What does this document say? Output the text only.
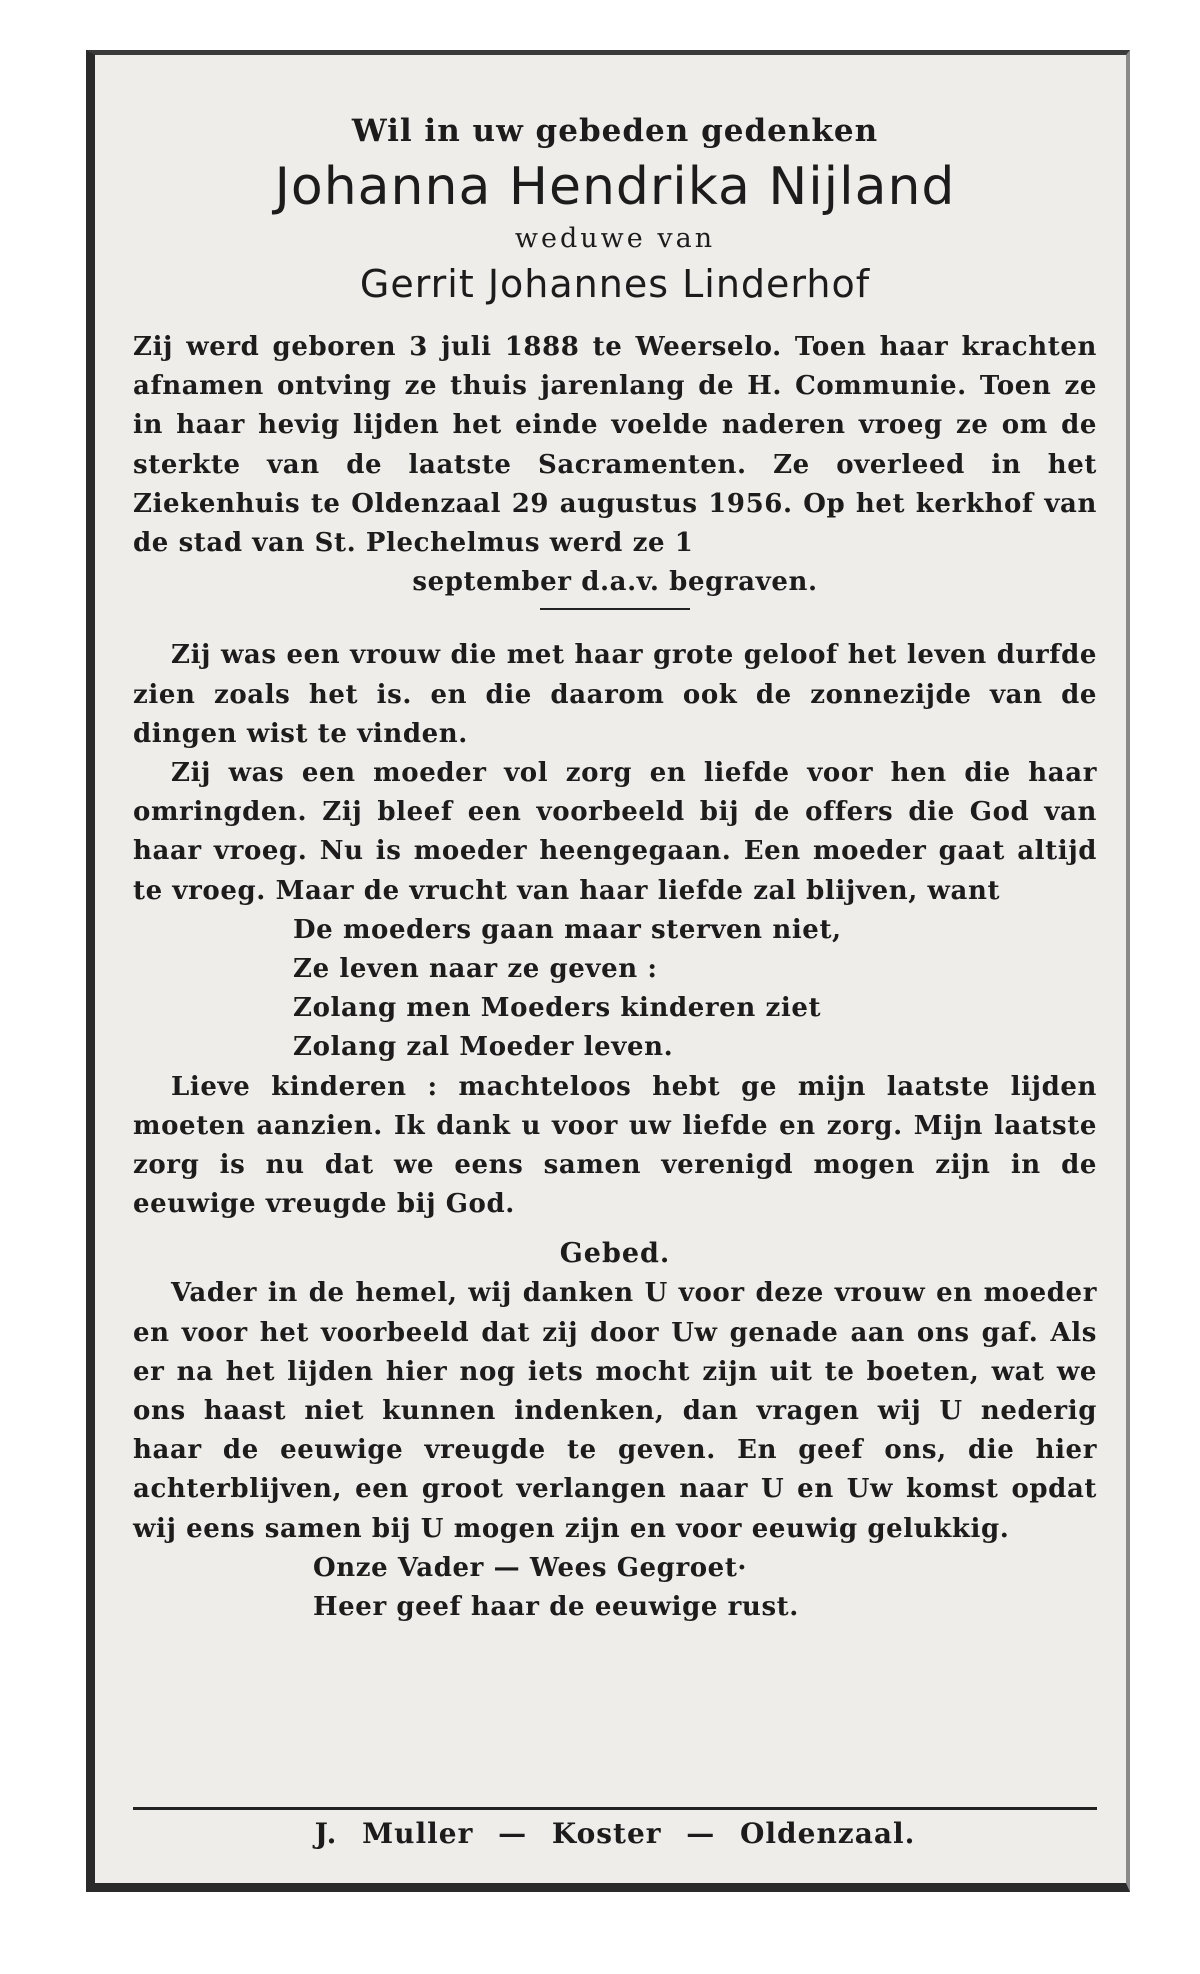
Wil in uw gebeden gedenken
Johanna Hendrika Nijland
weduwe van
Gerrit Johannes Linderhof
Zij werd geboren 3 juli 1888 te Weerselo. Toen haar krachten afnamen ontving ze thuis jarenlang de H. Communie. Toen ze in haar hevig lijden het einde voelde naderen vroeg ze om de sterkte van de laatste Sacramenten. Ze overleed in het Ziekenhuis te Oldenzaal 29 augustus 1956. Op het kerkhof van de stad van St. Plechelmus werd ze 1
september d.a.v. begraven.
Zij was een vrouw die met haar grote geloof het leven durfde zien zoals het is. en die daarom ook de zonnezijde van de dingen wist te vinden.
Zij was een moeder vol zorg en liefde voor hen die haar omringden. Zij bleef een voorbeeld bij de offers die God van haar vroeg. Nu is moeder heengegaan. Een moeder gaat altijd te vroeg. Maar de vrucht van haar liefde zal blijven, want
De moeders gaan maar sterven niet,
Ze leven naar ze geven :
Zolang men Moeders kinderen ziet
Zolang zal Moeder leven.
Lieve kinderen : machteloos hebt ge mijn laatste lijden moeten aanzien. Ik dank u voor uw liefde en zorg. Mijn laatste zorg is nu dat we eens samen verenigd mogen zijn in de eeuwige vreugde bij God.
Gebed.
Vader in de hemel, wij danken U voor deze vrouw en moeder en voor het voorbeeld dat zij door Uw genade aan ons gaf. Als er na het lijden hier nog iets mocht zijn uit te boeten, wat we ons haast niet kunnen indenken, dan vragen wij U nederig haar de eeuwige vreugde te geven. En geef ons, die hier achterblijven, een groot verlangen naar U en Uw komst opdat wij eens samen bij U mogen zijn en voor eeuwig gelukkig.
Onze Vader — Wees Gegroet·
Heer geef haar de eeuwige rust.
J. Muller — Koster — Oldenzaal.
